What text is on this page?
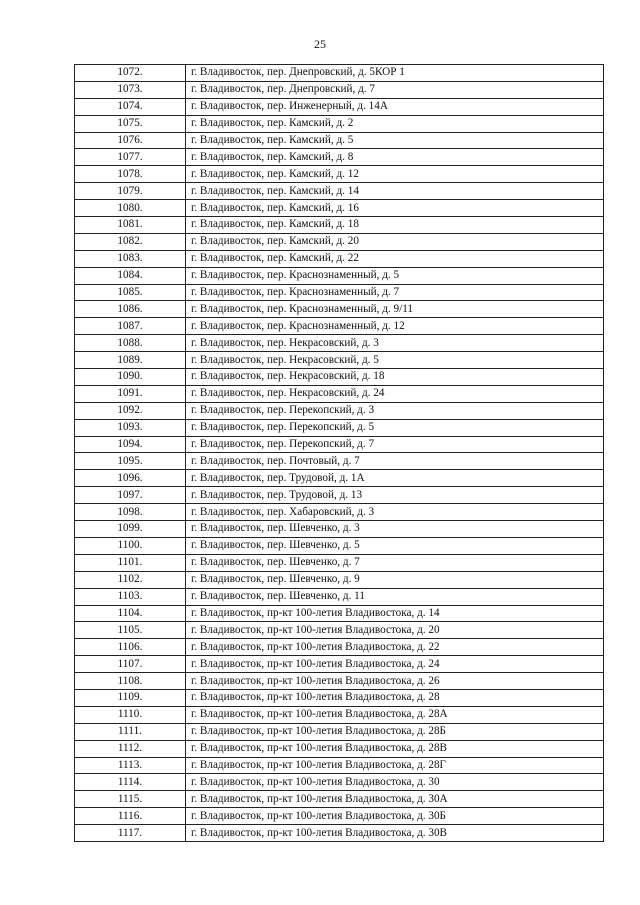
25
1072.	г. Владивосток, пер. Днепровский, д. 5КОР 1
1073.	г. Владивосток, пер. Днепровский, д. 7
1074.	г. Владивосток, пер. Инженерный, д. 14А
1075.	г. Владивосток, пер. Камский, д. 2
1076.	г. Владивосток, пер. Камский, д. 5
1077.	г. Владивосток, пер. Камский, д. 8
1078.	г. Владивосток, пер. Камский, д. 12
1079.	г. Владивосток, пер. Камский, д. 14
1080.	г. Владивосток, пер. Камский, д. 16
1081.	г. Владивосток, пер. Камский, д. 18
1082.	г. Владивосток, пер. Камский, д. 20
1083.	г. Владивосток, пер. Камский, д. 22
1084.	г. Владивосток, пер. Краснознаменный, д. 5
1085.	г. Владивосток, пер. Краснознаменный, д. 7
1086.	г. Владивосток, пер. Краснознаменный, д. 9/11
1087.	г. Владивосток, пер. Краснознаменный, д. 12
1088.	г. Владивосток, пер. Некрасовский, д. 3
1089.	г. Владивосток, пер. Некрасовский, д. 5
1090.	г. Владивосток, пер. Некрасовский, д. 18
1091.	г. Владивосток, пер. Некрасовский, д. 24
1092.	г. Владивосток, пер. Перекопский, д. 3
1093.	г. Владивосток, пер. Перекопский, д. 5
1094.	г. Владивосток, пер. Перекопский, д. 7
1095.	г. Владивосток, пер. Почтовый, д. 7
1096.	г. Владивосток, пер. Трудовой, д. 1А
1097.	г. Владивосток, пер. Трудовой, д. 13
1098.	г. Владивосток, пер. Хабаровский, д. 3
1099.	г. Владивосток, пер. Шевченко, д. 3
1100.	г. Владивосток, пер. Шевченко, д. 5
1101.	г. Владивосток, пер. Шевченко, д. 7
1102.	г. Владивосток, пер. Шевченко, д. 9
1103.	г. Владивосток, пер. Шевченко, д. 11
1104.	г. Владивосток, пр-кт 100-летия Владивостока, д. 14
1105.	г. Владивосток, пр-кт 100-летия Владивостока, д. 20
1106.	г. Владивосток, пр-кт 100-летия Владивостока, д. 22
1107.	г. Владивосток, пр-кт 100-летия Владивостока, д. 24
1108.	г. Владивосток, пр-кт 100-летия Владивостока, д. 26
1109.	г. Владивосток, пр-кт 100-летия Владивостока, д. 28
1110.	г. Владивосток, пр-кт 100-летия Владивостока, д. 28А
1111.	г. Владивосток, пр-кт 100-летия Владивостока, д. 28Б
1112.	г. Владивосток, пр-кт 100-летия Владивостока, д. 28В
1113.	г. Владивосток, пр-кт 100-летия Владивостока, д. 28Г
1114.	г. Владивосток, пр-кт 100-летия Владивостока, д. 30
1115.	г. Владивосток, пр-кт 100-летия Владивостока, д. 30А
1116.	г. Владивосток, пр-кт 100-летия Владивостока, д. 30Б
1117.	г. Владивосток, пр-кт 100-летия Владивостока, д. 30В
